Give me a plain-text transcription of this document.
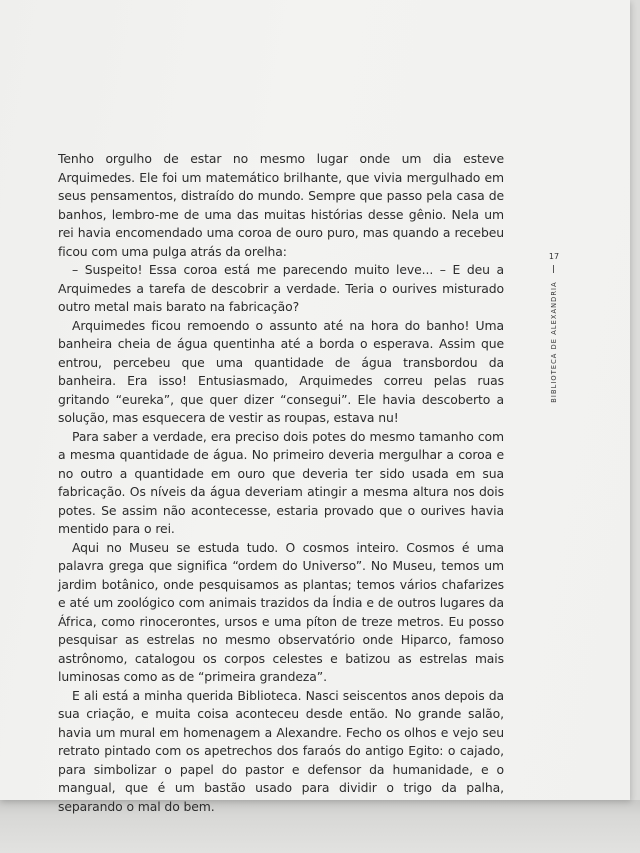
Tenho orgulho de estar no mesmo lugar onde um dia esteve Arquimedes. Ele foi um matemático brilhante, que vivia mergulhado em seus pensamentos, distraído do mundo. Sempre que passo pela casa de banhos, lembro-me de uma das muitas histórias desse gênio. Nela um rei havia encomendado uma coroa de ouro puro, mas quando a recebeu ficou com uma pulga atrás da orelha:

– Suspeito! Essa coroa está me parecendo muito leve... – E deu a Arquimedes a tarefa de descobrir a verdade. Teria o ourives misturado outro metal mais barato na fabricação?

Arquimedes ficou remoendo o assunto até na hora do banho! Uma banheira cheia de água quentinha até a borda o esperava. Assim que entrou, percebeu que uma quantidade de água transbordou da banheira. Era isso! Entusiasmado, Arquimedes correu pelas ruas gritando “eureka”, que quer dizer “consegui”. Ele havia descoberto a solução, mas esquecera de vestir as roupas, estava nu!

Para saber a verdade, era preciso dois potes do mesmo tamanho com a mesma quantidade de água. No primeiro deveria mergulhar a coroa e no outro a quantidade em ouro que deveria ter sido usada em sua fabricação. Os níveis da água deveriam atingir a mesma altura nos dois potes. Se assim não acontecesse, estaria provado que o ourives havia mentido para o rei.

Aqui no Museu se estuda tudo. O cosmos inteiro. Cosmos é uma palavra grega que significa “ordem do Universo”. No Museu, temos um jardim botânico, onde pesquisamos as plantas; temos vários chafarizes e até um zoológico com animais trazidos da Índia e de outros lugares da África, como rinocerontes, ursos e uma píton de treze metros. Eu posso pesquisar as estrelas no mesmo observatório onde Hiparco, famoso astrônomo, catalogou os corpos celestes e batizou as estrelas mais luminosas como as de “primeira grandeza”.

E ali está a minha querida Biblioteca. Nasci seiscentos anos depois da sua criação, e muita coisa aconteceu desde então. No grande salão, havia um mural em homenagem a Alexandre. Fecho os olhos e vejo seu retrato pintado com os apetrechos dos faraós do antigo Egito: o cajado, para simbolizar o papel do pastor e defensor da humanidade, e o mangual, que é um bastão usado para dividir o trigo da palha, separando o mal do bem.

17
BIBLIOTECA DE ALEXANDRIA
